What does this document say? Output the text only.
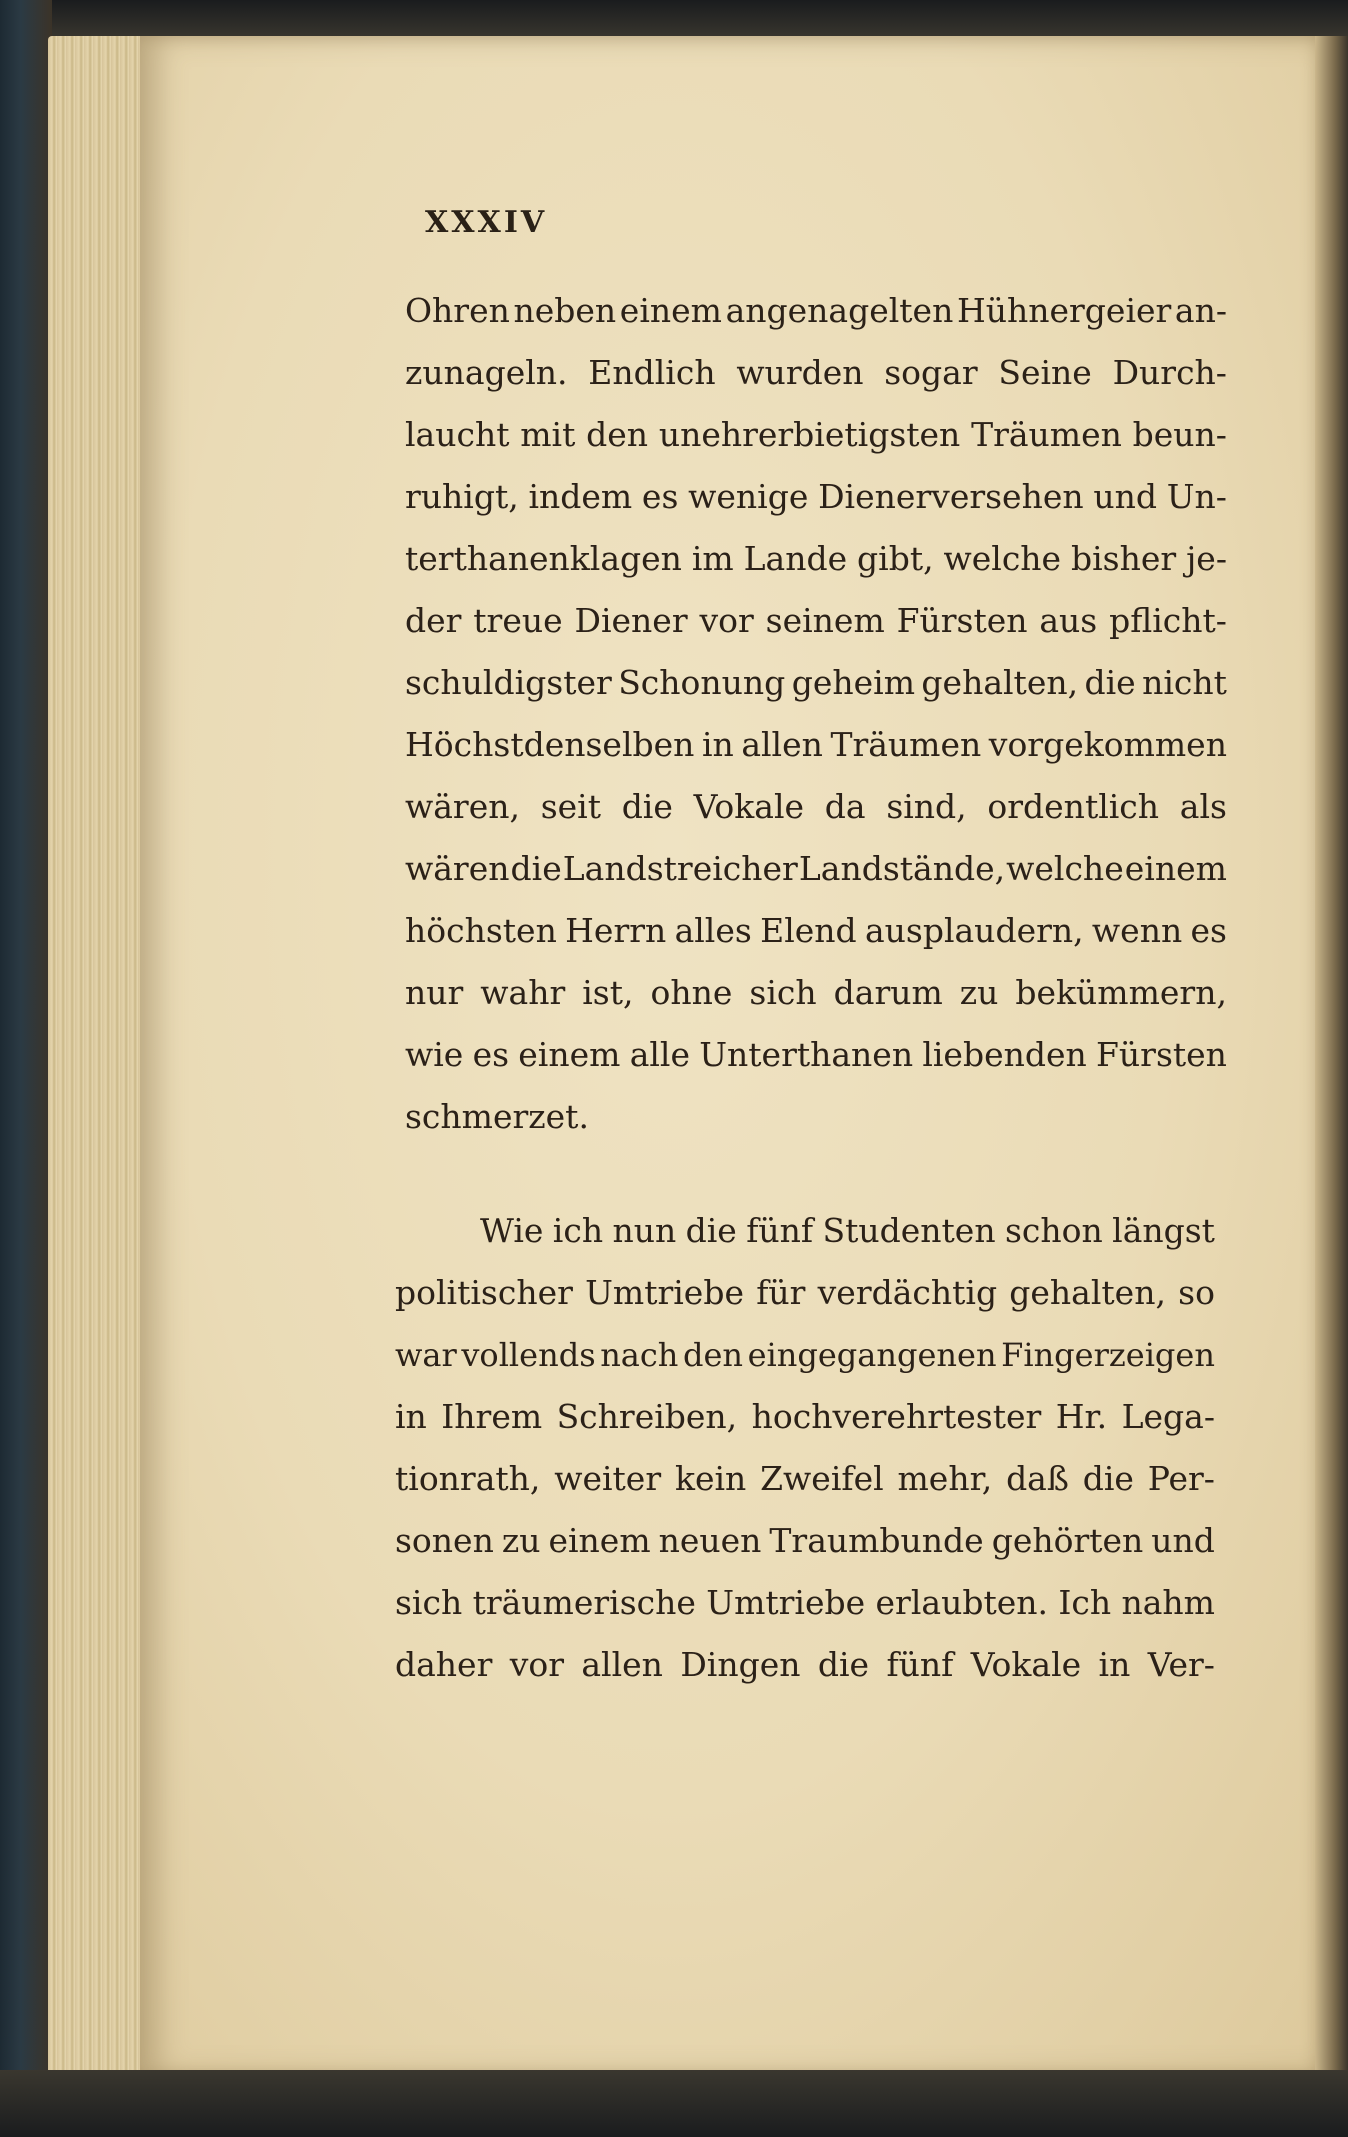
XXXIV
Ohren neben einem angenagelten Hühnergeier an-
zunageln. Endlich wurden sogar Seine Durch-
laucht mit den unehrerbietigsten Träumen beun-
ruhigt, indem es wenige Dienerversehen und Un-
terthanenklagen im Lande gibt, welche bisher je-
der treue Diener vor seinem Fürsten aus pflicht-
schuldigster Schonung geheim gehalten, die nicht
Höchstdenselben in allen Träumen vorgekommen
wären, seit die Vokale da sind, ordentlich als
wären die Landstreicher Landstände, welche einem
höchsten Herrn alles Elend ausplaudern, wenn es
nur wahr ist, ohne sich darum zu bekümmern,
wie es einem alle Unterthanen liebenden Fürsten
schmerzet.
Wie ich nun die fünf Studenten schon längst
politischer Umtriebe für verdächtig gehalten, so
war vollends nach den eingegangenen Fingerzeigen
in Ihrem Schreiben, hochverehrtester Hr. Lega-
tionrath, weiter kein Zweifel mehr, daß die Per-
sonen zu einem neuen Traumbunde gehörten und
sich träumerische Umtriebe erlaubten. Ich nahm
daher vor allen Dingen die fünf Vokale in Ver-
